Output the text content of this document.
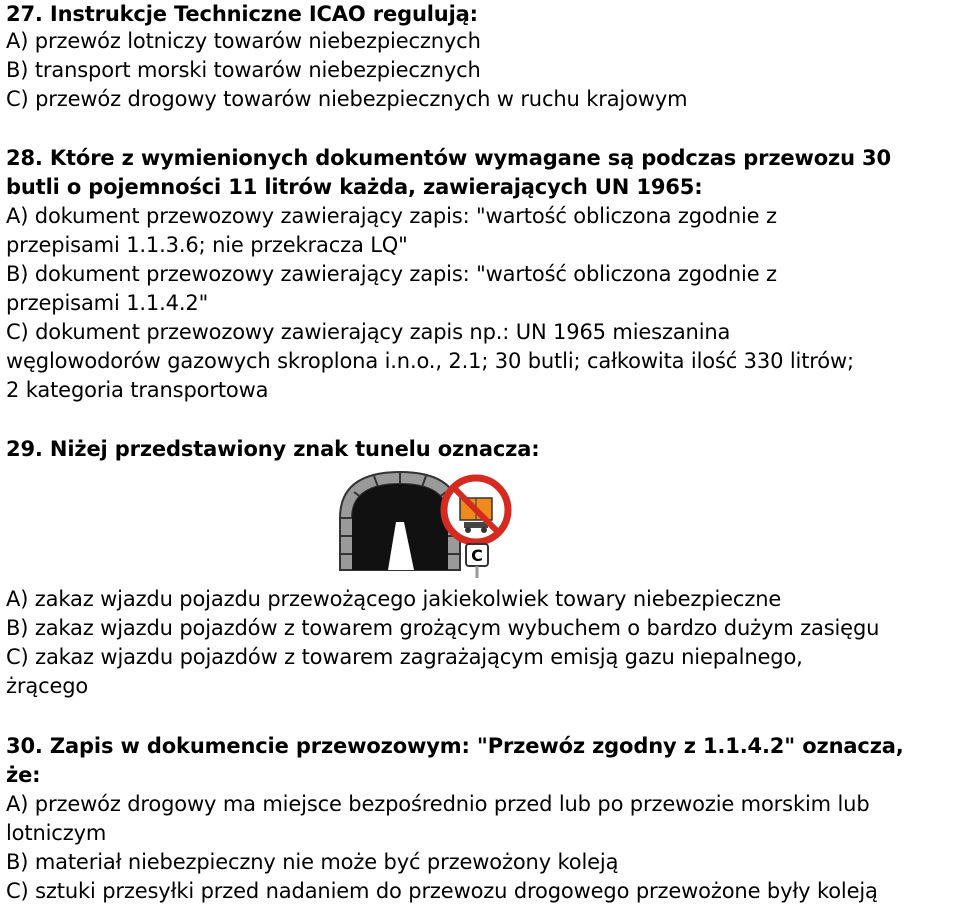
27. Instrukcje Techniczne ICAO regulują:
A) przewóz lotniczy towarów niebezpiecznych
B) transport morski towarów niebezpiecznych
C) przewóz drogowy towarów niebezpiecznych w ruchu krajowym
28. Które z wymienionych dokumentów wymagane są podczas przewozu 30
butli o pojemności 11 litrów każda, zawierających UN 1965:
A) dokument przewozowy zawierający zapis: "wartość obliczona zgodnie z
przepisami 1.1.3.6; nie przekracza LQ"
B) dokument przewozowy zawierający zapis: "wartość obliczona zgodnie z
przepisami 1.1.4.2"
C) dokument przewozowy zawierający zapis np.: UN 1965 mieszanina
węglowodorów gazowych skroplona i.n.o., 2.1; 30 butli; całkowita ilość 330 litrów;
2 kategoria transportowa
29. Niżej przedstawiony znak tunelu oznacza:
C
A) zakaz wjazdu pojazdu przewożącego jakiekolwiek towary niebezpieczne
B) zakaz wjazdu pojazdów z towarem grożącym wybuchem o bardzo dużym zasięgu
C) zakaz wjazdu pojazdów z towarem zagrażającym emisją gazu niepalnego,
żrącego
30. Zapis w dokumencie przewozowym: "Przewóz zgodny z 1.1.4.2" oznacza,
że:
A) przewóz drogowy ma miejsce bezpośrednio przed lub po przewozie morskim lub
lotniczym
B) materiał niebezpieczny nie może być przewożony koleją
C) sztuki przesyłki przed nadaniem do przewozu drogowego przewożone były koleją
